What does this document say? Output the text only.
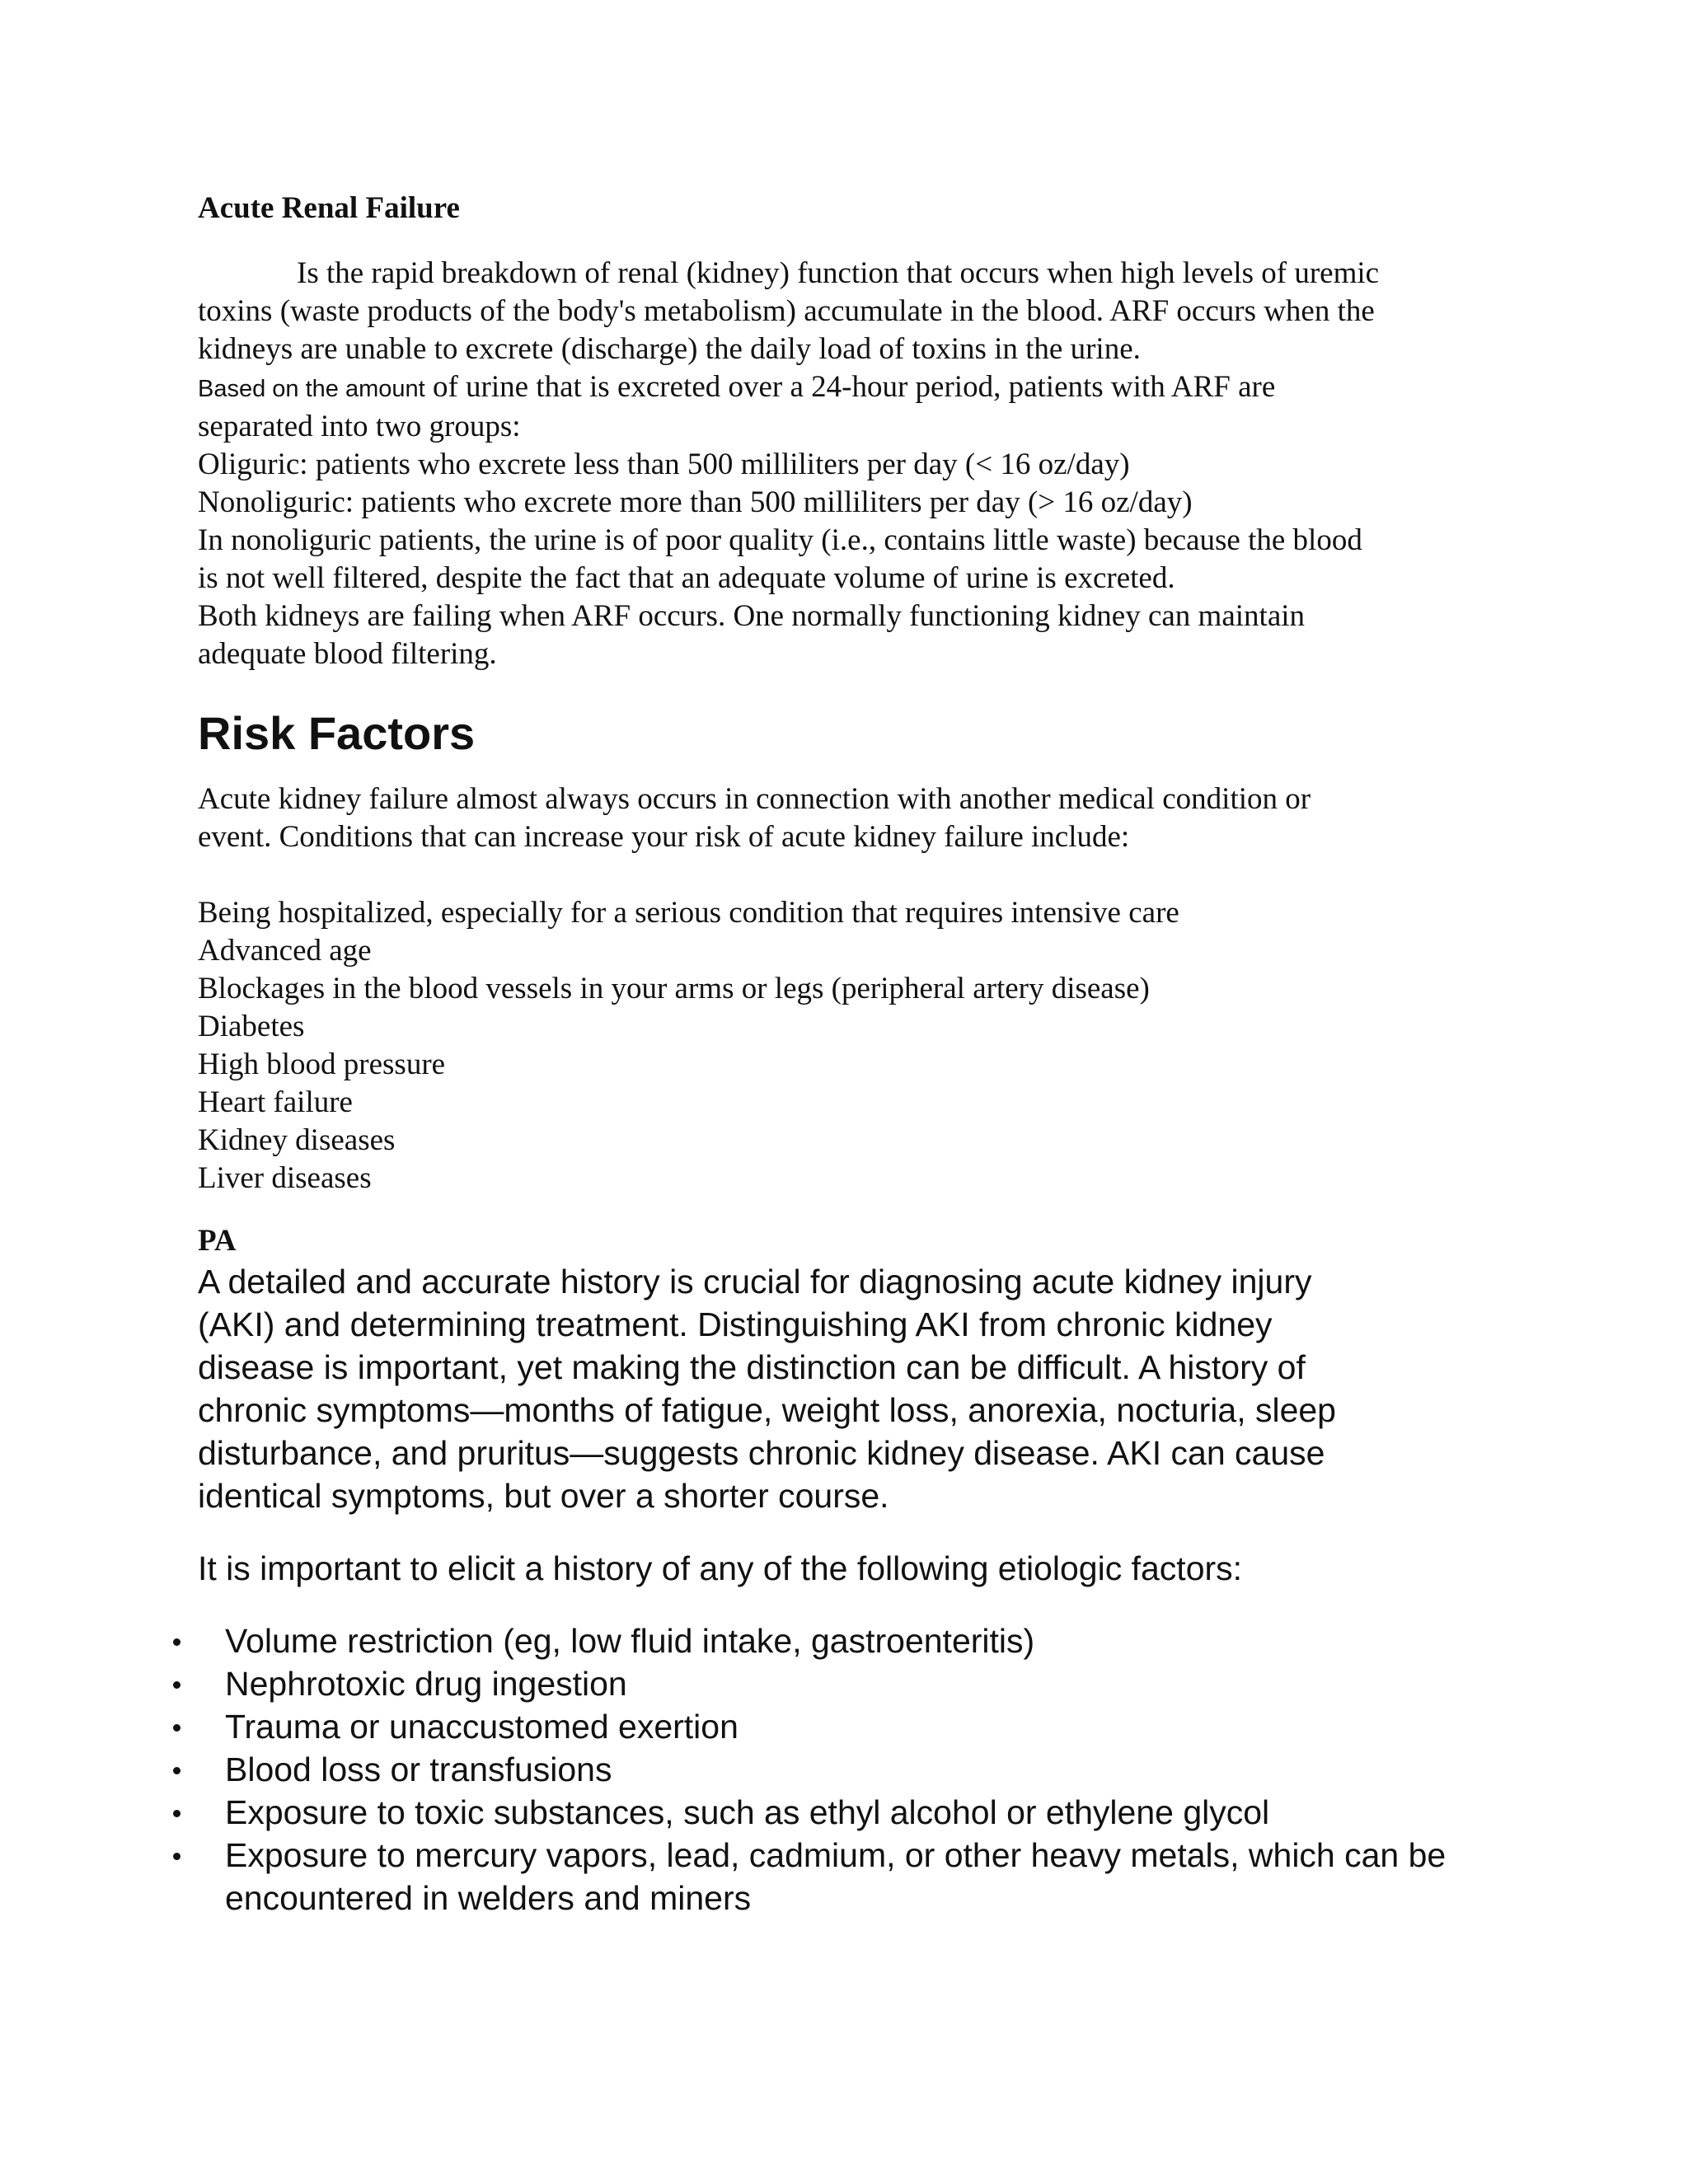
Acute Renal Failure

Is the rapid breakdown of renal (kidney) function that occurs when high levels of uremic

toxins (waste products of the body's metabolism) accumulate in the blood. ARF occurs when the

kidneys are unable to excrete (discharge) the daily load of toxins in the urine.

Based on the amount of urine that is excreted over a 24-hour period, patients with ARF are

separated into two groups:

Oliguric: patients who excrete less than 500 milliliters per day (< 16 oz/day)

Nonoliguric: patients who excrete more than 500 milliliters per day (> 16 oz/day)

In nonoliguric patients, the urine is of poor quality (i.e., contains little waste) because the blood

is not well filtered, despite the fact that an adequate volume of urine is excreted.

Both kidneys are failing when ARF occurs. One normally functioning kidney can maintain

adequate blood filtering.

Risk Factors

Acute kidney failure almost always occurs in connection with another medical condition or

event. Conditions that can increase your risk of acute kidney failure include:

Being hospitalized, especially for a serious condition that requires intensive care

Advanced age

Blockages in the blood vessels in your arms or legs (peripheral artery disease)

Diabetes

High blood pressure

Heart failure

Kidney diseases

Liver diseases

PA

A detailed and accurate history is crucial for diagnosing acute kidney injury
(AKI) and determining treatment. Distinguishing AKI from chronic kidney
disease is important, yet making the distinction can be difficult. A history of
chronic symptoms—months of fatigue, weight loss, anorexia, nocturia, sleep
disturbance, and pruritus—suggests chronic kidney disease. AKI can cause
identical symptoms, but over a shorter course.

It is important to elicit a history of any of the following etiologic factors:

Volume restriction (eg, low fluid intake, gastroenteritis)
Nephrotoxic drug ingestion
Trauma or unaccustomed exertion
Blood loss or transfusions
Exposure to toxic substances, such as ethyl alcohol or ethylene glycol
Exposure to mercury vapors, lead, cadmium, or other heavy metals, which can be encountered in welders and miners
